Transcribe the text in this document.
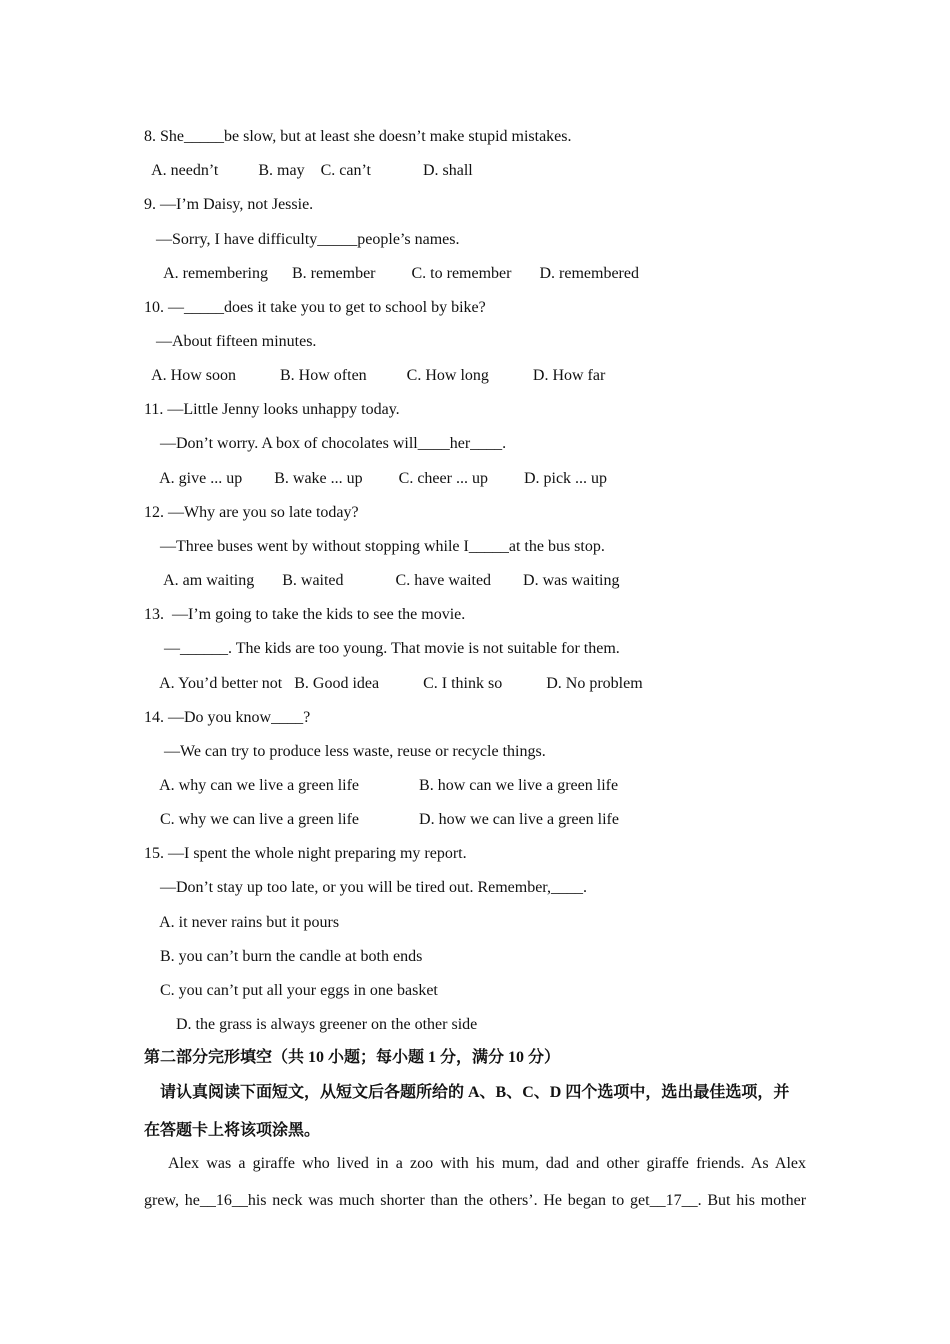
8. She_____be slow, but at least she doesn’t make stupid mistakes.
A. needn’t          B. may    C. can’t             D. shall
9. —I’m Daisy, not Jessie.
—Sorry, I have difficulty_____people’s names.
A. remembering      B. remember         C. to remember       D. remembered
10. —_____does it take you to get to school by bike?
—About fifteen minutes.
A. How soon           B. How often          C. How long           D. How far
11. —Little Jenny looks unhappy today.
—Don’t worry. A box of chocolates will____her____.
A. give ... up        B. wake ... up         C. cheer ... up         D. pick ... up
12. —Why are you so late today?
—Three buses went by without stopping while I_____at the bus stop.
A. am waiting       B. waited             C. have waited        D. was waiting
13.  —I’m going to take the kids to see the movie.
—______. The kids are too young. That movie is not suitable for them.
A. You’d better not   B. Good idea           C. I think so           D. No problem
14. —Do you know____?
—We can try to produce less waste, reuse or recycle things.
A. why can we live a green life               B. how can we live a green life
C. why we can live a green life               D. how we can live a green life
15. —I spent the whole night preparing my report.
—Don’t stay up too late, or you will be tired out. Remember,____.
A. it never rains but it pours
B. you can’t burn the candle at both ends
C. you can’t put all your eggs in one basket
D. the grass is always greener on the other side
第二部分完形填空（共 10 小题；每小题 1 分，满分 10 分）
请认真阅读下面短文，从短文后各题所给的 A、B、C、D 四个选项中，选出最佳选项，并
在答题卡上将该项涂黑。
Alex was a giraffe who lived in a zoo with his mum, dad and other giraffe friends. As Alex
grew, he__16__his neck was much shorter than the others’. He began to get__17__. But his mother
